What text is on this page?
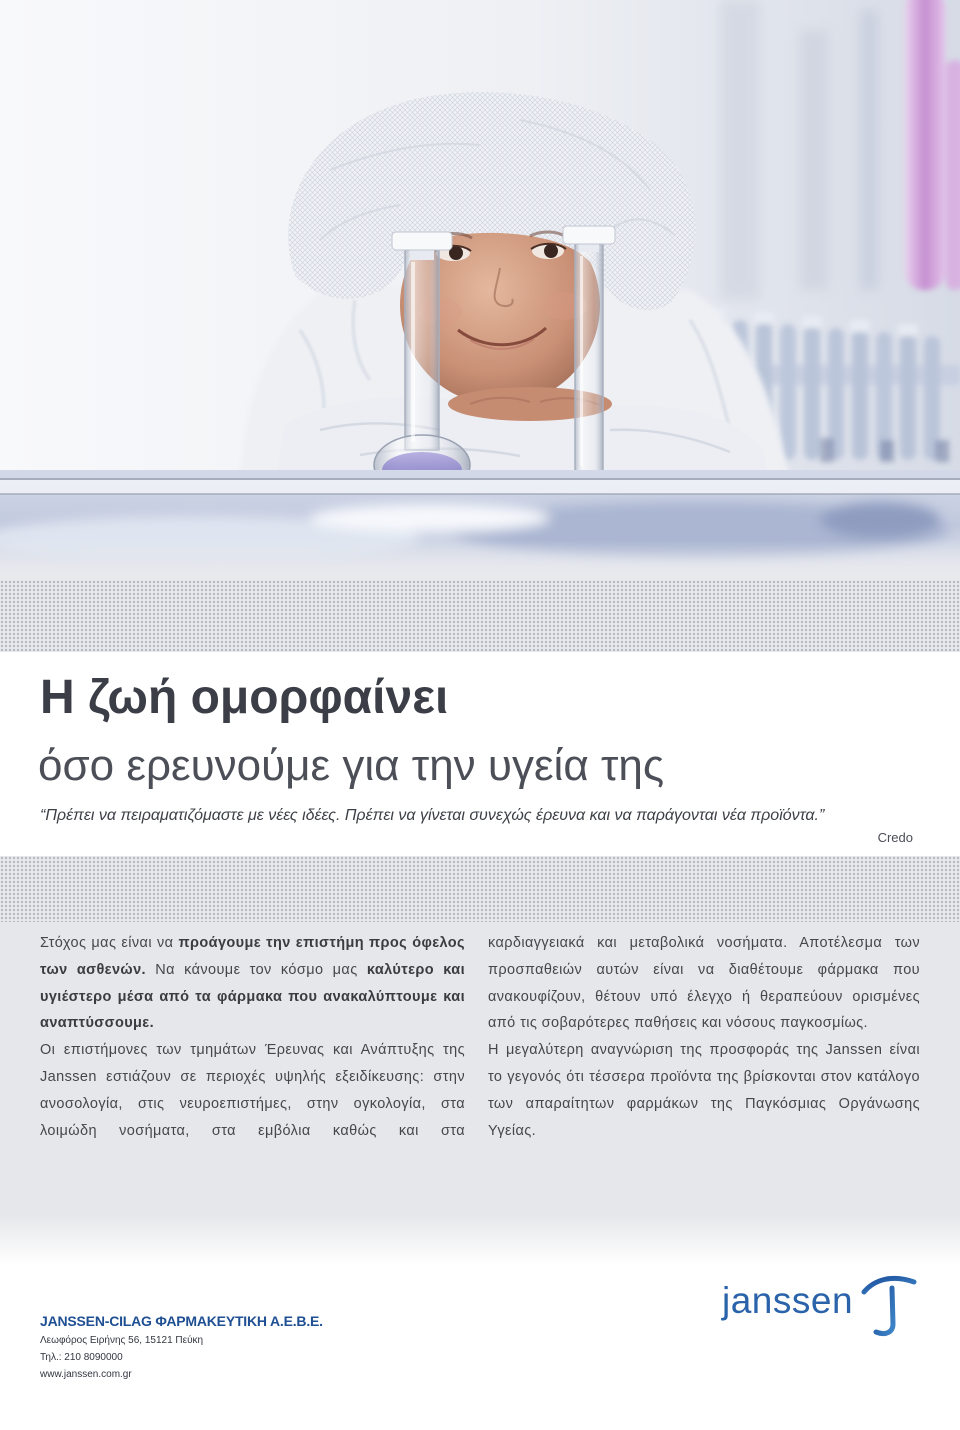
Η ζωή ομορφαίνει
όσο ερευνούμε για την υγεία της
“Πρέπει να πειραματιζόμαστε με νέες ιδέες. Πρέπει να γίνεται συνεχώς έρευνα και να παράγονται νέα προϊόντα.”
Credo

Στόχος μας είναι να προάγουμε την επιστήμη προς όφελος των ασθενών. Να κάνουμε τον κόσμο μας καλύτερο και υγιέστερο μέσα από τα φάρμακα που ανακαλύπτουμε και αναπτύσσουμε.

Οι επιστήμονες των τμημάτων Έρευνας και Ανάπτυξης της Janssen εστιάζουν σε περιοχές υψηλής εξειδίκευσης: στην ανοσολογία, στις νευροεπιστήμες, στην ογκολογία, στα λοιμώδη νοσήματα, στα εμβόλια καθώς και στα

καρδιαγγειακά και μεταβολικά νοσήματα. Αποτέλεσμα των προσπαθειών αυτών είναι να διαθέτουμε φάρμακα που ανακουφίζουν, θέτουν υπό έλεγχο ή θεραπεύουν ορισμένες από τις σοβαρότερες παθήσεις και νόσους παγκοσμίως.

Η μεγαλύτερη αναγνώριση της προσφοράς της Janssen είναι το γεγονός ότι τέσσερα προϊόντα της βρίσκονται στον κατάλογο των απαραίτητων φαρμάκων της Παγκόσμιας Οργάνωσης Υγείας.

JANSSEN-CILAG ΦΑΡΜΑΚΕΥΤΙΚΗ Α.Ε.Β.Ε.
Λεωφόρος Ειρήνης 56, 15121 Πεύκη
Τηλ.: 210 8090000
www.janssen.com.gr
janssen
